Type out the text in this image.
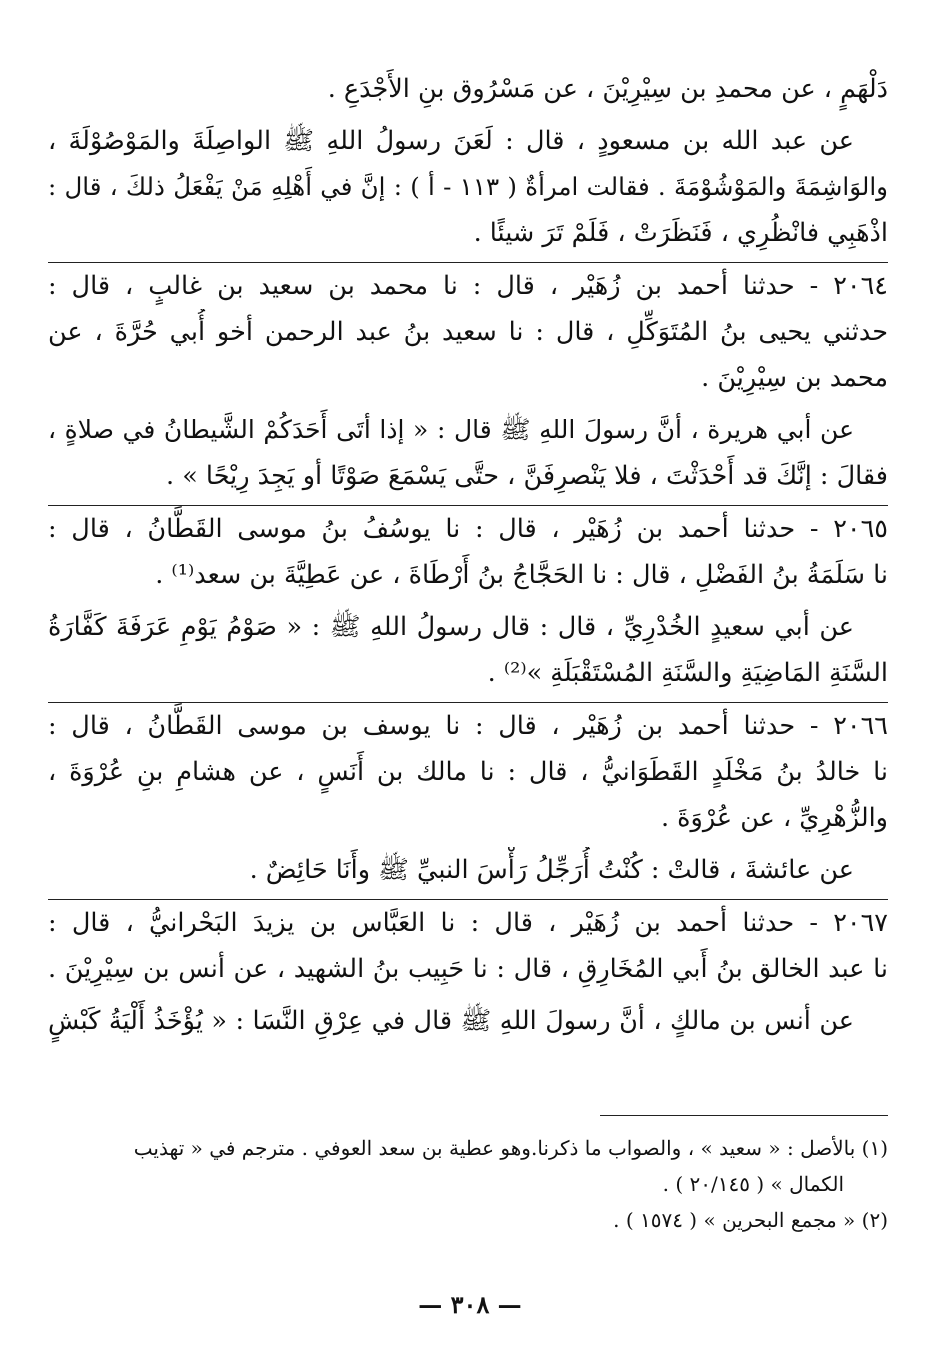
دَلْهَمٍ ، عن محمدِ بن سِيْرِيْنَ ، عن مَسْرُوق بنِ الأَجْدَعِ .
عن عبد الله بن مسعودٍ ، قال : لَعَنَ رسولُ اللهِ ﷺ الواصِلَةَ والمَوْصُوْلَةَ ،
والوَاشِمَةَ والمَوْشُوْمَةَ . فقالت امرأةٌ ( ١١٣ - أ ) : إنَّ في أَهْلِهِ مَنْ يَفْعَلُ ذلكَ ، قال :
اذْهَبِي فانْظُرِي ، فَنَظَرَتْ ، فَلَمْ تَرَ شيئًا .
٢٠٦٤ - حدثنا أحمد بن زُهَيْر ، قال : نا محمد بن سعيد بن غالبٍ ، قال :
حدثني يحيى بنُ المُتَوَكِّلِ ، قال : نا سعيد بنُ عبد الرحمن أخو أُبي حُرَّةَ ، عن
محمد بن سِيْرِيْنَ .
عن أبي هريرة ، أنَّ رسولَ اللهِ ﷺ قال : « إذا أتَى أَحَدَكُمْ الشَّيطانُ في صلاةٍ ،
فقالَ : إنَّكَ قد أَحْدَثْتَ ، فلا يَنْصرِفَنَّ ، حتَّى يَسْمَعَ صَوْتًا أو يَجِدَ رِيْحًا » .
٢٠٦٥ - حدثنا أحمد بن زُهَيْر ، قال : نا يوسُفُ بنُ موسى القَطَّانُ ، قال :
نا سَلَمَةُ بنُ الفَضْلِ ، قال : نا الحَجَّاجُ بنُ أَرْطَاةَ ، عن عَطِيَّةَ بن سعد⁽¹⁾ .
عن أبي سعيدٍ الخُدْرِيِّ ، قال : قال رسولُ اللهِ ﷺ : « صَوْمُ يَوْمِ عَرَفَةَ كَفَّارَةُ
السَّنَةِ المَاضِيَةِ والسَّنَةِ المُسْتَقْبَلَةِ »⁽²⁾ .
٢٠٦٦ - حدثنا أحمد بن زُهَيْر ، قال : نا يوسف بن موسى القَطَّانُ ، قال :
نا خالدُ بنُ مَخْلَدٍ القَطَوَانيُّ ، قال : نا مالك بن أَنَسٍ ، عن هشامِ بنِ عُرْوَةَ ،
والزُّهْرِيِّ ، عن عُرْوَةَ .
عن عائشةَ ، قالتْ : كُنْتُ أُرَجِّلُ رَأْسَ النبيِّ ﷺ وأَنَا حَائِضٌ .
٢٠٦٧ - حدثنا أحمد بن زُهَيْر ، قال : نا العَبَّاس بن يزيدَ البَحْرانيُّ ، قال :
نا عبد الخالق بنُ أَبي المُخَارِقِ ، قال : نا حَبِيب بنُ الشهيد ، عن أنس بن سِيْرِيْنَ .
عن أنس بن مالكٍ ، أنَّ رسولَ اللهِ ﷺ قال في عِرْقِ النَّسَا : « يُؤْخَذُ أَلْيَةُ كَبْشٍ
(١) بالأصل : « سعيد » ، والصواب ما ذكرنا.وهو عطية بن سعد العوفي . مترجم في « تهذيب
الكمال » ( ٢٠/١٤٥ ) .
(٢) « مجمع البحرين » ( ١٥٧٤ ) .
— ٣٠٨ —
